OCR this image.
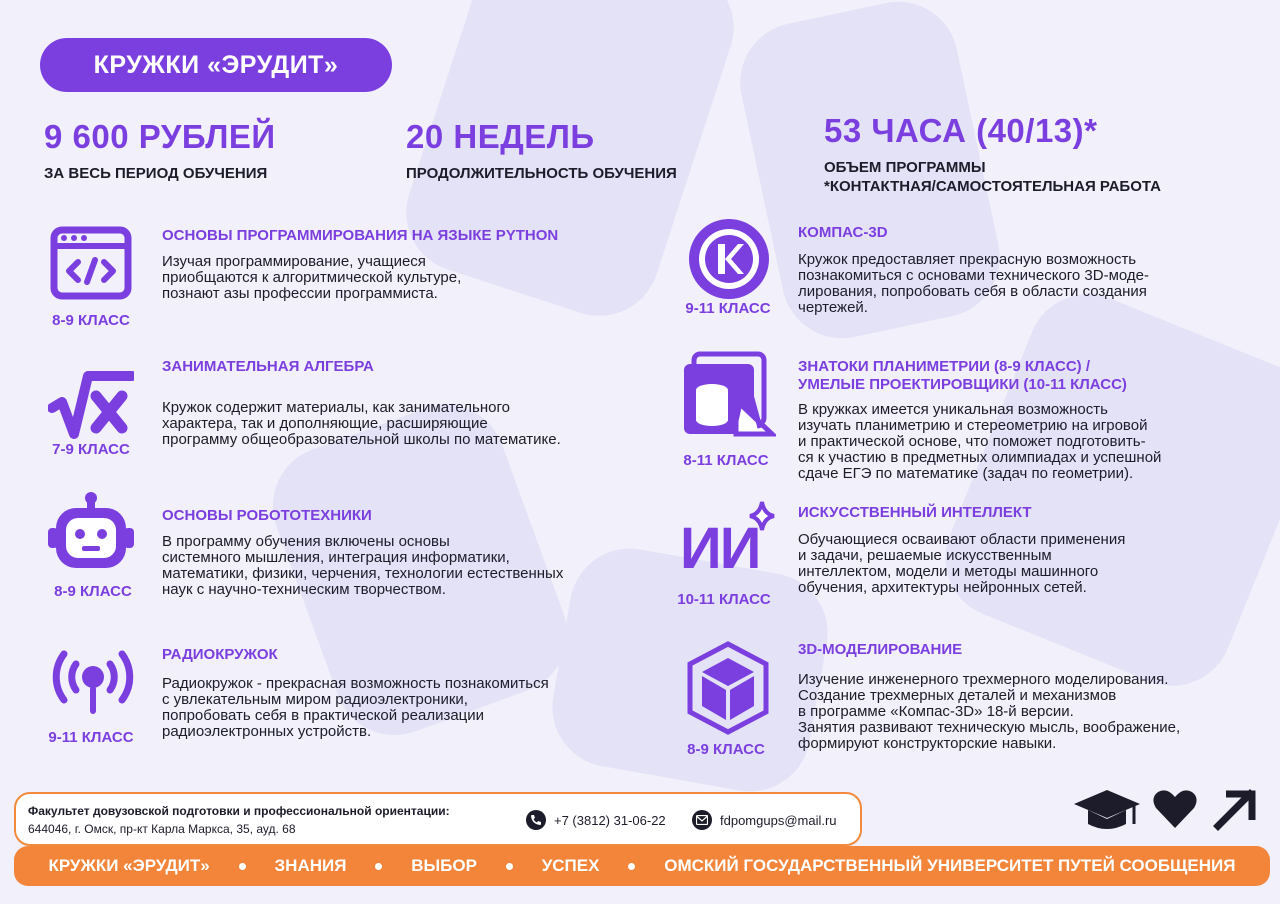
КРУЖКИ «ЭРУДИТ»
9 600 РУБЛЕЙ
ЗА ВЕСЬ ПЕРИОД ОБУЧЕНИЯ
20 НЕДЕЛЬ
ПРОДОЛЖИТЕЛЬНОСТЬ ОБУЧЕНИЯ
53 ЧАСА (40/13)*
ОБЪЕМ ПРОГРАММЫ
*КОНТАКТНАЯ/САМОСТОЯТЕЛЬНАЯ РАБОТА
8-9 КЛАСС
ОСНОВЫ ПРОГРАММИРОВАНИЯ НА ЯЗЫКЕ PYTHON
Изучая программирование, учащиеся
приобщаются к алгоритмической культуре,
познают азы профессии программиста.
7-9 КЛАСС
ЗАНИМАТЕЛЬНАЯ АЛГЕБРА
Кружок содержит материалы, как занимательного
характера, так и дополняющие, расширяющие
программу общеобразовательной школы по математике.
8-9 КЛАСС
ОСНОВЫ РОБОТОТЕХНИКИ
В программу обучения включены основы
системного мышления, интеграция информатики,
математики, физики, черчения, технологии естественных
наук с научно-техническим творчеством.
9-11 КЛАСС
РАДИОКРУЖОК
Радиокружок - прекрасная возможность познакомиться
с увлекательным миром радиоэлектроники,
попробовать себя в практической реализации
радиоэлектронных устройств.
9-11 КЛАСС
КОМПАС-3D
Кружок предоставляет прекрасную возможность
познакомиться с основами технического 3D-моде-
лирования, попробовать себя в области создания
чертежей.
8-11 КЛАСС
ЗНАТОКИ ПЛАНИМЕТРИИ (8-9 КЛАСС) /
УМЕЛЫЕ ПРОЕКТИРОВЩИКИ (10-11 КЛАСС)
В кружках имеется уникальная возможность
изучать планиметрию и стереометрию на игровой
и практической основе, что поможет подготовить-
ся к участию в предметных олимпиадах и успешной
сдаче ЕГЭ по математике (задач по геометрии).
ИИ
10-11 КЛАСС
ИСКУССТВЕННЫЙ ИНТЕЛЛЕКТ
Обучающиеся осваивают области применения
и задачи, решаемые искусственным
интеллектом, модели и методы машинного
обучения, архитектуры нейронных сетей.
8-9 КЛАСС
3D-МОДЕЛИРОВАНИЕ
Изучение инженерного трехмерного моделирования.
Создание трехмерных деталей и механизмов
в программе «Компас-3D» 18-й версии.
Занятия развивают техническую мысль, воображение,
формируют конструкторские навыки.
Факультет довузовской подготовки и профессиональной ориентации:
644046, г. Омск, пр-кт Карла Маркса, 35, ауд. 68
+7 (3812) 31-06-22	fdpomgups@mail.ru
КРУЖКИ «ЭРУДИТ»	ЗНАНИЯ	ВЫБОР	УСПЕХ	ОМСКИЙ ГОСУДАРСТВЕННЫЙ УНИВЕРСИТЕТ ПУТЕЙ СООБЩЕНИЯ
